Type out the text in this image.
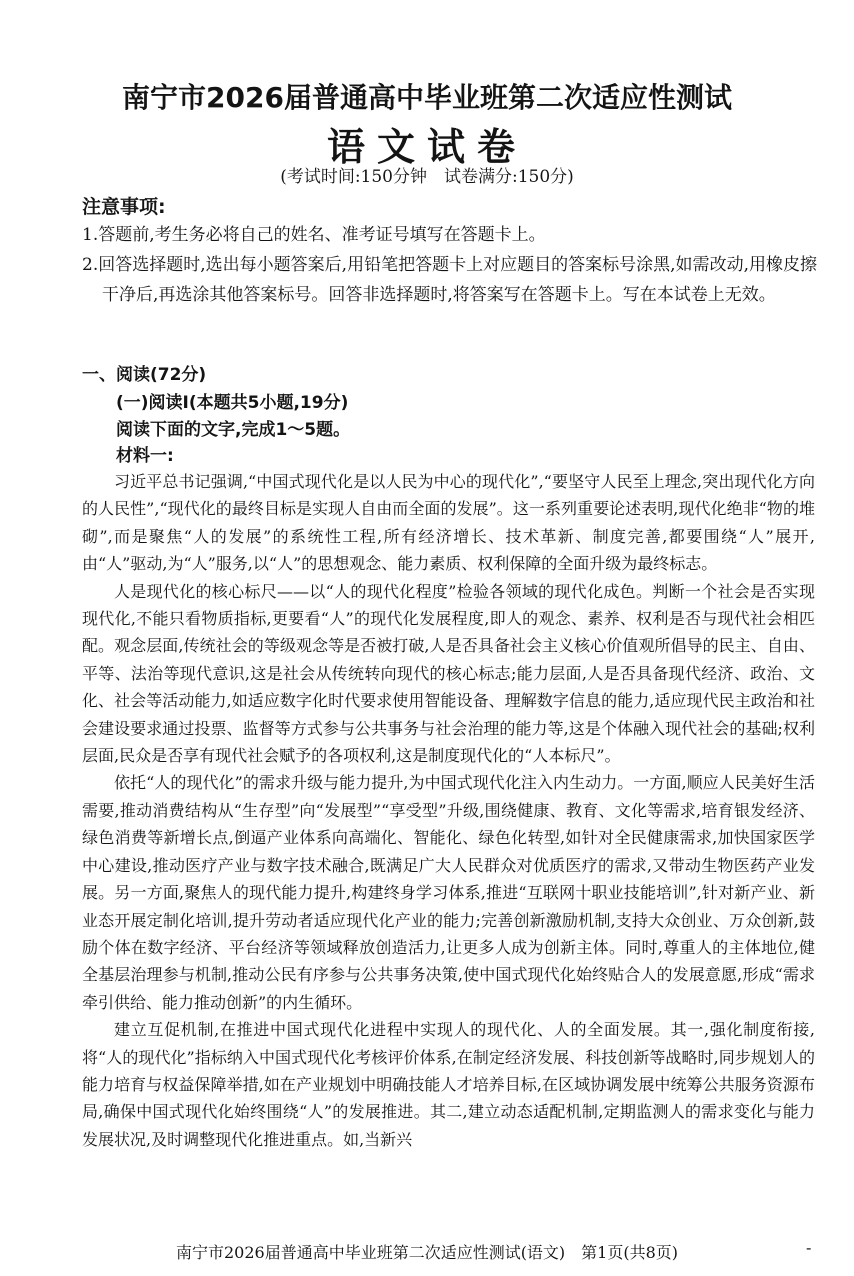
南宁市2026届普通高中毕业班第二次适应性测试
语文试卷
(考试时间:150分钟　试卷满分:150分)
注意事项:
1.答题前,考生务必将自己的姓名、准考证号填写在答题卡上。
2.回答选择题时,选出每小题答案后,用铅笔把答题卡上对应题目的答案标号涂黑,如需改动,用橡皮擦干净后,再选涂其他答案标号。回答非选择题时,将答案写在答题卡上。写在本试卷上无效。
一、阅读(72分)
(一)阅读Ⅰ(本题共5小题,19分)
阅读下面的文字,完成1～5题。
材料一:

习近平总书记强调,“中国式现代化是以人民为中心的现代化”,“要坚守人民至上理念,突出现代化方向的人民性”,“现代化的最终目标是实现人自由而全面的发展”。这一系列重要论述表明,现代化绝非“物的堆砌”,而是聚焦“人的发展”的系统性工程,所有经济增长、技术革新、制度完善,都要围绕“人”展开,由“人”驱动,为“人”服务,以“人”的思想观念、能力素质、权利保障的全面升级为最终标志。

人是现代化的核心标尺——以“人的现代化程度”检验各领域的现代化成色。判断一个社会是否实现现代化,不能只看物质指标,更要看“人”的现代化发展程度,即人的观念、素养、权利是否与现代社会相匹配。观念层面,传统社会的等级观念等是否被打破,人是否具备社会主义核心价值观所倡导的民主、自由、平等、法治等现代意识,这是社会从传统转向现代的核心标志;能力层面,人是否具备现代经济、政治、文化、社会等活动能力,如适应数字化时代要求使用智能设备、理解数字信息的能力,适应现代民主政治和社会建设要求通过投票、监督等方式参与公共事务与社会治理的能力等,这是个体融入现代社会的基础;权利层面,民众是否享有现代社会赋予的各项权利,这是制度现代化的“人本标尺”。

依托“人的现代化”的需求升级与能力提升,为中国式现代化注入内生动力。一方面,顺应人民美好生活需要,推动消费结构从“生存型”向“发展型”“享受型”升级,围绕健康、教育、文化等需求,培育银发经济、绿色消费等新增长点,倒逼产业体系向高端化、智能化、绿色化转型,如针对全民健康需求,加快国家医学中心建设,推动医疗产业与数字技术融合,既满足广大人民群众对优质医疗的需求,又带动生物医药产业发展。另一方面,聚焦人的现代能力提升,构建终身学习体系,推进“互联网十职业技能培训”,针对新产业、新业态开展定制化培训,提升劳动者适应现代化产业的能力;完善创新激励机制,支持大众创业、万众创新,鼓励个体在数字经济、平台经济等领域释放创造活力,让更多人成为创新主体。同时,尊重人的主体地位,健全基层治理参与机制,推动公民有序参与公共事务决策,使中国式现代化始终贴合人的发展意愿,形成“需求牵引供给、能力推动创新”的内生循环。

建立互促机制,在推进中国式现代化进程中实现人的现代化、人的全面发展。其一,强化制度衔接,将“人的现代化”指标纳入中国式现代化考核评价体系,在制定经济发展、科技创新等战略时,同步规划人的能力培育与权益保障举措,如在产业规划中明确技能人才培养目标,在区域协调发展中统筹公共服务资源布局,确保中国式现代化始终围绕“人”的发展推进。其二,建立动态适配机制,定期监测人的需求变化与能力发展状况,及时调整现代化推进重点。如,当新兴

南宁市2026届普通高中毕业班第二次适应性测试(语文)　第1页(共8页)	-
